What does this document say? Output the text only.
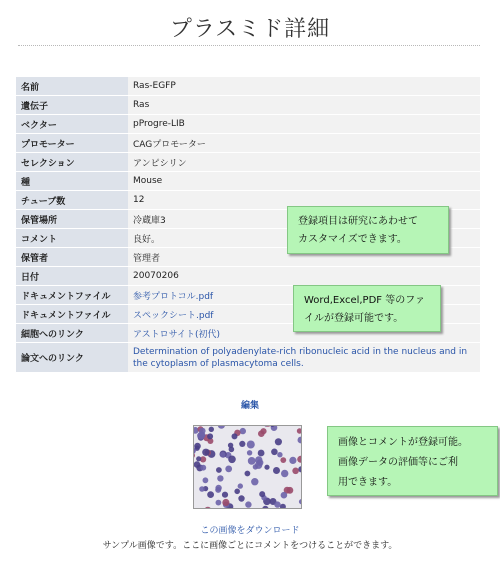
プラスミド詳細
名前	Ras-EGFP
遺伝子	Ras
ベクター	pProgre-LIB
プロモーター	CAGプロモーター
セレクション	アンピシリン
種	Mouse
チューブ数	12
保管場所	冷蔵庫3
コメント	良好。
保管者	管理者
日付	20070206
ドキュメントファイル	参考プロトコル.pdf
ドキュメントファイル	スペックシート.pdf
細胞へのリンク	アストロサイト(初代)
論文へのリンク	Determination of polyadenylate-rich ribonucleic acid in the nucleus and in the cytoplasm of plasmacytoma cells.
登録項目は研究にあわせて
カスタマイズできます。
Word,Excel,PDF 等のファ
イルが登録可能です。
編集
画像とコメントが登録可能。
画像データの評価等にご利
用できます。
この画像をダウンロード
サンプル画像です。ここに画像ごとにコメントをつけることができます。
